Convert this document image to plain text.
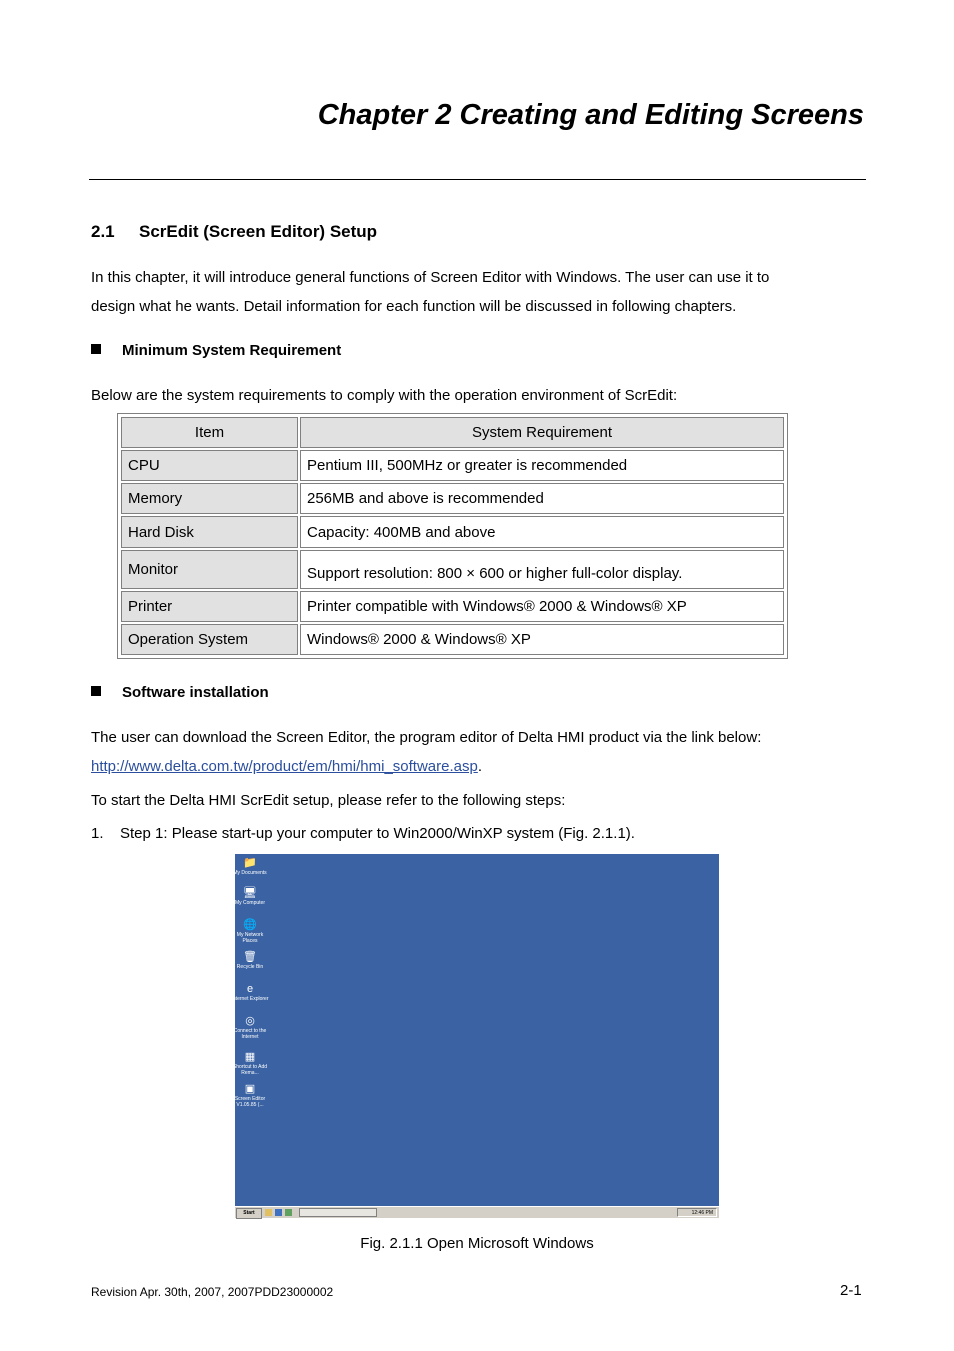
Chapter 2 Creating and Editing Screens
2.1 ScrEdit (Screen Editor) Setup
In this chapter, it will introduce general functions of Screen Editor with Windows. The user can use it to
design what he wants. Detail information for each function will be discussed in following chapters.
Minimum System Requirement
Below are the system requirements to comply with the operation environment of ScrEdit:
Item	System Requirement
CPU	Pentium III, 500MHz or greater is recommended
Memory	256MB and above is recommended
Hard Disk	Capacity: 400MB and above
Monitor	Support resolution: 800 × 600 or higher full-color display.
Printer	Printer compatible with Windows® 2000 & Windows® XP
Operation System	Windows® 2000 & Windows® XP
Software installation
The user can download the Screen Editor, the program editor of Delta HMI product via the link below:
http://www.delta.com.tw/product/em/hmi/hmi_software.asp.
To start the Delta HMI ScrEdit setup, please refer to the following steps:
1. Step 1: Please start-up your computer to Win2000/WinXP system (Fig. 2.1.1).
📁
My Documents
🖥
My Computer
🌐
My Network Places
🗑
Recycle Bin
e
Internet Explorer
◎
Connect to the Internet
▦
Shortcut to Add Rema...
▣
Screen Editor V1.05.85 (...
Start	12:46 PM
Fig. 2.1.1 Open Microsoft Windows
Revision Apr. 30th, 2007, 2007PDD23000002	2-1
